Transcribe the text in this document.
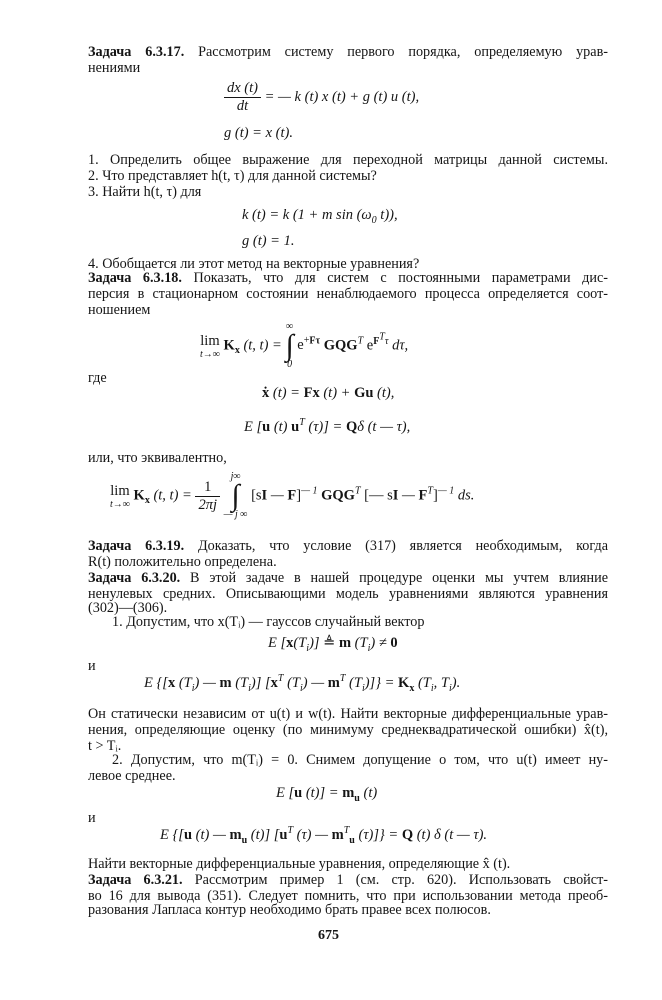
Задача 6.3.17. Рассмотрим систему первого порядка, определяемую урав-
нениями
$\frac{dx (t)}{dt}$ = — k (t) x (t) + g (t) u (t),
g (t) = x (t).
1. Определить общее выражение для переходной матрицы данной системы.
2. Что представляет h(t, τ) для данной системы?
3. Найти h(t, τ) для
k (t) = k (1 + m $\sin (\omega_0$ t)),
g (t) = 1.
4. Обобщается ли этот метод на векторные уравнения?
Задача 6.3.18. Показать, что для систем с постоянными параметрами дис-
персия в стационарном состоянии ненаблюдаемого процесса определяется соот-
ношением
lim
t→∞
$K_x$ (t, t) =
∞
∫
0
$e^{+F\tau}$ $GQG^T$ $e^{F^T\tau}$ dτ,
где
ẋ (t) = Fx (t) + Gu (t),
E [u (t) $u^T$ (τ)] = Qδ (t — τ),
или, что эквивалентно,
lim
t→∞
$K_x$ (t, $t) = \frac{1}{2\pi j}$

j∞
∫
— j ∞
[sI — F]$^{— 1}$ $GQG^T$ [— sI — $F^T]^{— 1}$ ds.
Задача 6.3.19. Доказать, что условие (317) является необходимым, когда
R(t) положительно определена.
Задача 6.3.20. В этой задаче в нашей процедуре оценки мы учтем влияние
ненулевых средних. Описывающими модель уравнениями являются уравнения
(302)—(306).
1. Допустим, что x(Tᵢ) — гауссов случайный вектор
E $[x(T_i)]$ ≜ m $(T_i) \ne 0$
и
E {[x $(T_i)$ — m $(T_i)$] [$x^T$ $(T_i)$ — $m^T$ $(T_i)]\} = K_x$ ($T_i$, $T_i$).
Он статически независим от u(t) и w(t). Найти векторные дифференциальные урав-
нения, определяющие оценку (по минимуму среднеквадратической ошибки) x̂(t),
t > Tᵢ.
2. Допустим, что m(Tᵢ) = 0. Снимем допущение о том, что u(t) имеет ну-
левое среднее.
E [u $(t)] = m_u$ (t)
и
E {[u (t) — $m_u$ (t)] [$u^T$ (τ) — $m^T_u$ (τ)]} = Q (t) δ (t — τ).
Найти векторные дифференциальные уравнения, определяющие x̂ (t).
Задача 6.3.21. Рассмотрим пример 1 (см. стр. 620). Использовать свойст-
во 16 для вывода (351). Следует помнить, что при использовании метода преоб-
разования Лапласа контур необходимо брать правее всех полюсов.
675
